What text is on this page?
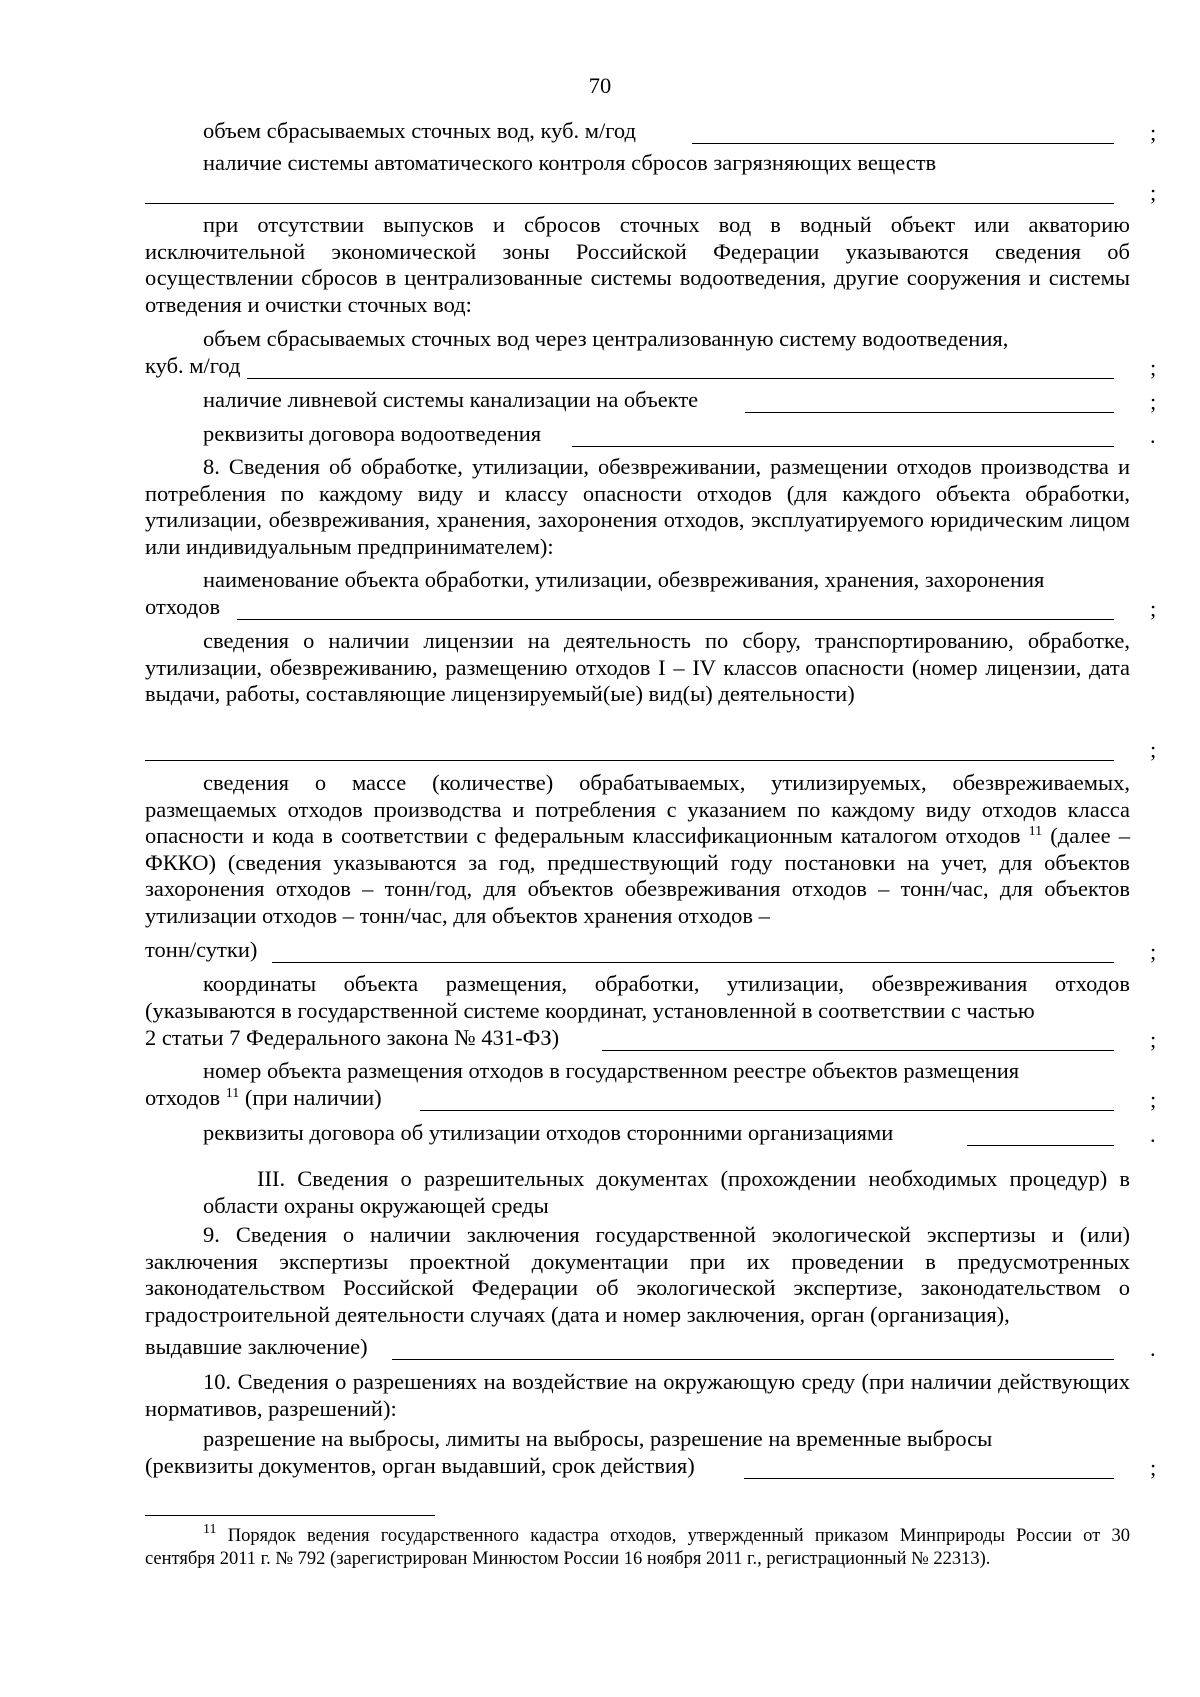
70
объем сбрасываемых сточных вод, куб. м/год	;
наличие системы автоматического контроля сбросов загрязняющих веществ
;
при отсутствии выпусков и сбросов сточных вод в водный объект или акваторию исключительной экономической зоны Российской Федерации указываются сведения об осуществлении сбросов в централизованные системы водоотведения, другие сооружения и системы отведения и очистки сточных вод:
объем сбрасываемых сточных вод через централизованную систему водоотведения,
куб. м/год	;
наличие ливневой системы канализации на объекте	;
реквизиты договора водоотведения	.
8. Сведения об обработке, утилизации, обезвреживании, размещении отходов производства и потребления по каждому виду и классу опасности отходов (для каждого объекта обработки, утилизации, обезвреживания, хранения, захоронения отходов, эксплуатируемого юридическим лицом или индивидуальным предпринимателем):
наименование объекта обработки, утилизации, обезвреживания, хранения, захоронения
отходов	;
сведения о наличии лицензии на деятельность по сбору, транспортированию, обработке, утилизации, обезвреживанию, размещению отходов I – IV классов опасности (номер лицензии, дата выдачи, работы, составляющие лицензируемый(ые) вид(ы) деятельности)
;
сведения о массе (количестве) обрабатываемых, утилизируемых, обезвреживаемых, размещаемых отходов производства и потребления с указанием по каждому виду отходов класса опасности и кода в соответствии с федеральным классификационным каталогом отходов $^{11}$ (далее – ФККО) (сведения указываются за год, предшествующий году постановки на учет, для объектов захоронения отходов – тонн/год, для объектов обезвреживания отходов – тонн/час, для объектов утилизации отходов – тонн/час, для объектов хранения отходов –
тонн/сутки)	;
координаты объекта размещения, обработки, утилизации, обезвреживания отходов (указываются в государственной системе координат, установленной в соответствии с частью
2 статьи 7 Федерального закона № 431-ФЗ)	;
номер объекта размещения отходов в государственном реестре объектов размещения
отходов $^{11}$ (при наличии)	;
реквизиты договора об утилизации отходов сторонними организациями	.
III. Сведения о разрешительных документах (прохождении необходимых процедур) в области охраны окружающей среды
9. Сведения о наличии заключения государственной экологической экспертизы и (или) заключения экспертизы проектной документации при их проведении в предусмотренных законодательством Российской Федерации об экологической экспертизе, законодательством о градостроительной деятельности случаях (дата и номер заключения, орган (организация),
выдавшие заключение)	.
10. Сведения о разрешениях на воздействие на окружающую среду (при наличии действующих нормативов, разрешений):
разрешение на выбросы, лимиты на выбросы, разрешение на временные выбросы
(реквизиты документов, орган выдавший, срок действия)	;
$^{11}$ Порядок ведения государственного кадастра отходов, утвержденный приказом Минприроды России от 30 сентября 2011 г. № 792 (зарегистрирован Минюстом России 16 ноября 2011 г., регистрационный № 22313).
